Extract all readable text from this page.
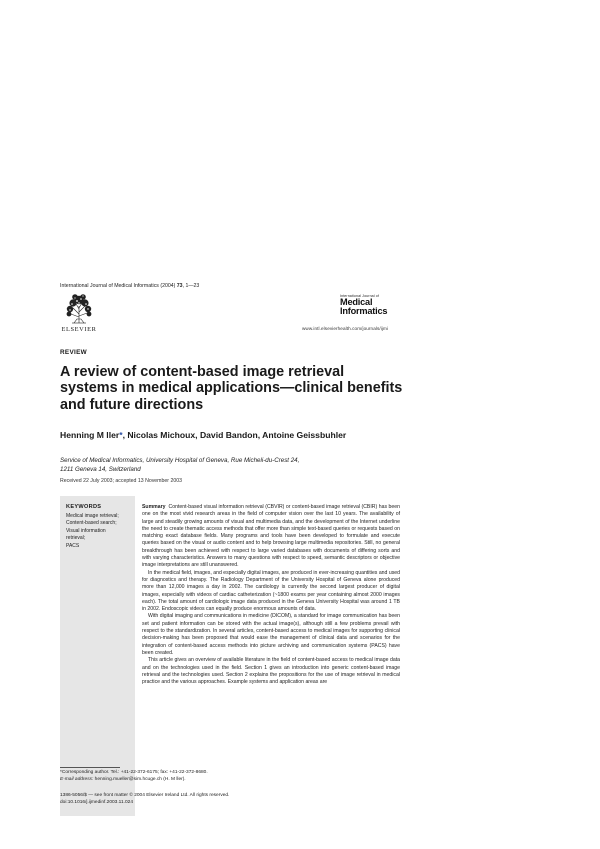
International Journal of Medical Informatics (2004) 73, 1—23
ELSEVIER
International Journal of
Medical
Informatics
www.intl.elsevierhealth.com/journals/ijmi
REVIEW
A review of content-based image retrieval
systems in medical applications—clinical benefits
and future directions
Henning M ller*, Nicolas Michoux, David Bandon, Antoine Geissbuhler
Service of Medical Informatics, University Hospital of Geneva, Rue Micheli-du-Crest 24,
1211 Geneva 14, Switzerland
Received 22 July 2003; accepted 13 November 2003
KEYWORDS
Medical image retrieval;
Content-based search;
Visual information
retrieval;
PACS

Summary Content-based visual information retrieval (CBVIR) or content-based image retrieval (CBIR) has been one on the most vivid research areas in the field of computer vision over the last 10 years. The availability of large and steadily growing amounts of visual and multimedia data, and the development of the Internet underline the need to create thematic access methods that offer more than simple text-based queries or requests based on matching exact database fields. Many programs and tools have been developed to formulate and execute queries based on the visual or audio content and to help browsing large multimedia repositories. Still, no general breakthrough has been achieved with respect to large varied databases with documents of differing sorts and with varying characteristics. Answers to many questions with respect to speed, semantic descriptors or objective image interpretations are still unanswered.

In the medical field, images, and especially digital images, are produced in ever-increasing quantities and used for diagnostics and therapy. The Radiology Department of the University Hospital of Geneva alone produced more than 12,000 images a day in 2002. The cardiology is currently the second largest producer of digital images, especially with videos of cardiac catheterization (~1800 exams per year containing almost 2000 images each). The total amount of cardiologic image data produced in the Geneva University Hospital was around 1 TB in 2002. Endoscopic videos can equally produce enormous amounts of data.

With digital imaging and communications in medicine (DICOM), a standard for image communication has been set and patient information can be stored with the actual image(s), although still a few problems prevail with respect to the standardization. In several articles, content-based access to medical images for supporting clinical decision-making has been proposed that would ease the management of clinical data and scenarios for the integration of content-based access methods into picture archiving and communication systems (PACS) have been created.

This article gives an overview of available literature in the field of content-based access to medical image data and on the technologies used in the field. Section 1 gives an introduction into generic content-based image retrieval and the technologies used. Section 2 explains the propositions for the use of image retrieval in medical practice and the various approaches. Example systems and application areas are

*Corresponding author. Tel.: +41-22-372-6175; fax: +41-22-372-8680.
E-mail address: henning.mueller@sim.hcuge.ch (H. M ller).
1386-5056/$ — see front matter © 2004 Elsevier Ireland Ltd. All rights reserved.
doi:10.1016/j.ijmedinf.2003.11.024
